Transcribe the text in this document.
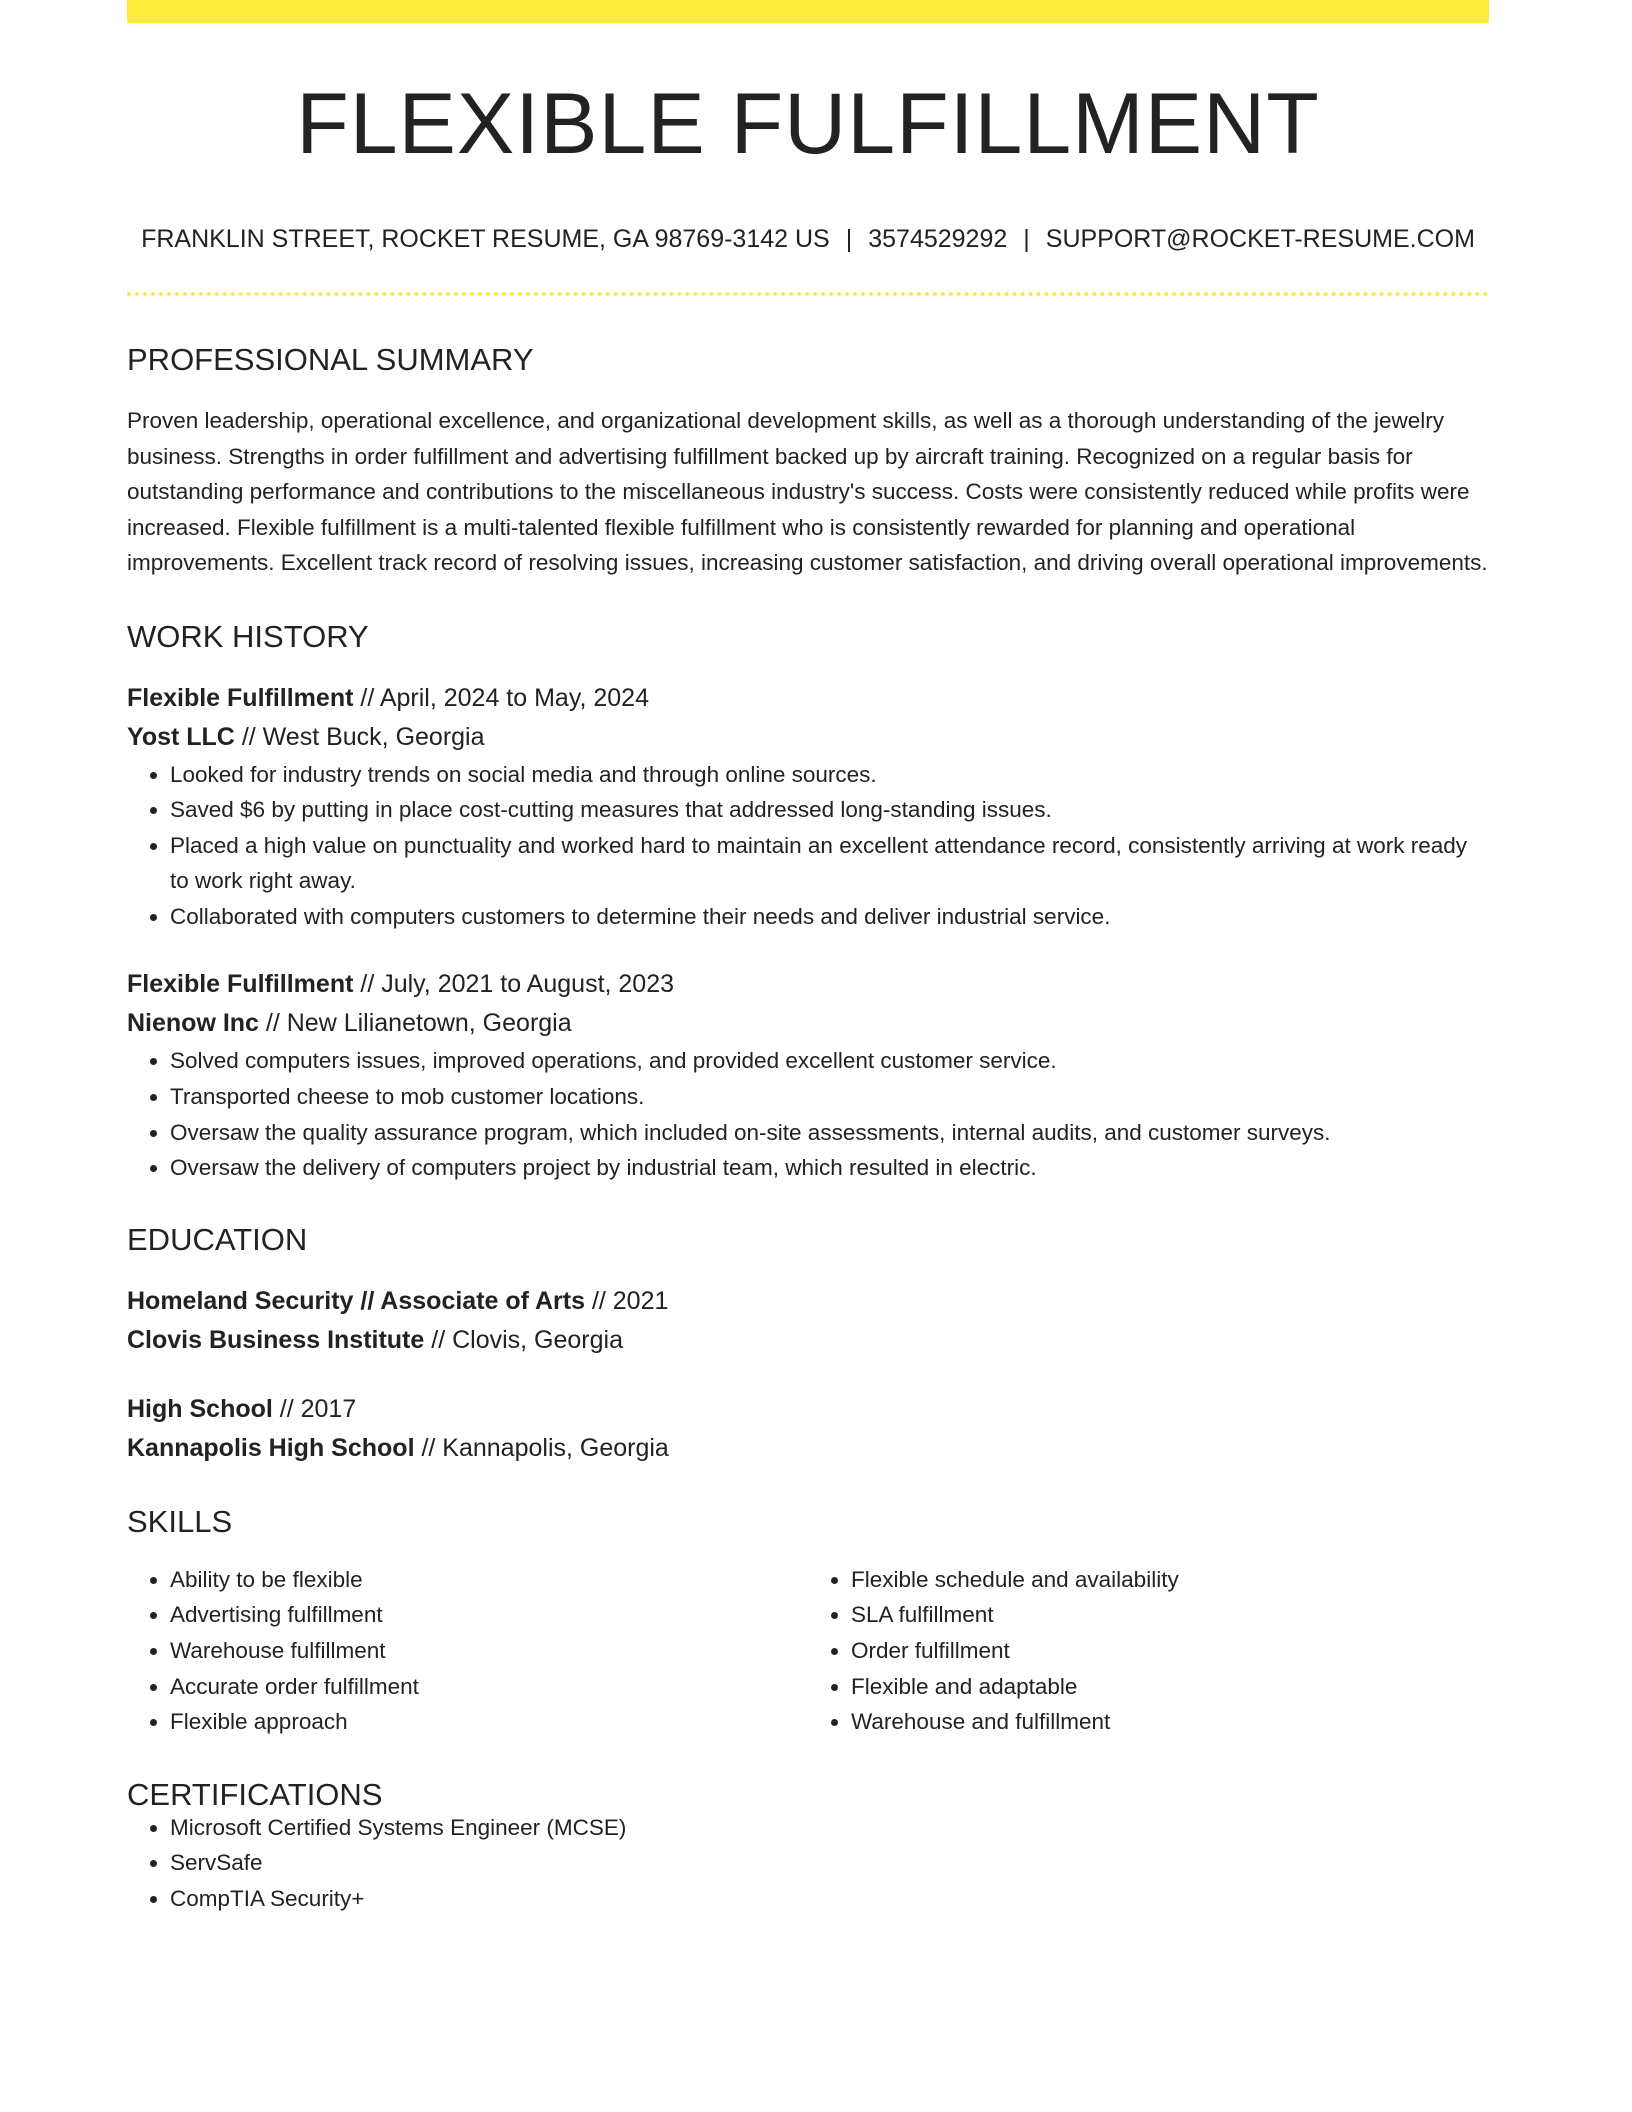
FLEXIBLE FULFILLMENT
FRANKLIN STREET, ROCKET RESUME, GA 98769-3142 US | 3574529292 | SUPPORT@ROCKET-RESUME.COM
PROFESSIONAL SUMMARY
Proven leadership, operational excellence, and organizational development skills, as well as a thorough understanding of the jewelry business. Strengths in order fulfillment and advertising fulfillment backed up by aircraft training. Recognized on a regular basis for outstanding performance and contributions to the miscellaneous industry's success. Costs were consistently reduced while profits were increased. Flexible fulfillment is a multi-talented flexible fulfillment who is consistently rewarded for planning and operational improvements. Excellent track record of resolving issues, increasing customer satisfaction, and driving overall operational improvements.
WORK HISTORY
Flexible Fulfillment // April, 2024 to May, 2024
Yost LLC // West Buck, Georgia
• Looked for industry trends on social media and through online sources.
• Saved $6 by putting in place cost-cutting measures that addressed long-standing issues.
• Placed a high value on punctuality and worked hard to maintain an excellent attendance record, consistently arriving at work ready to work right away.
• Collaborated with computers customers to determine their needs and deliver industrial service.
Flexible Fulfillment // July, 2021 to August, 2023
Nienow Inc // New Lilianetown, Georgia
• Solved computers issues, improved operations, and provided excellent customer service.
• Transported cheese to mob customer locations.
• Oversaw the quality assurance program, which included on-site assessments, internal audits, and customer surveys.
• Oversaw the delivery of computers project by industrial team, which resulted in electric.
EDUCATION
Homeland Security // Associate of Arts // 2021
Clovis Business Institute // Clovis, Georgia
High School // 2017
Kannapolis High School // Kannapolis, Georgia
SKILLS
• Ability to be flexible
• Advertising fulfillment
• Warehouse fulfillment
• Accurate order fulfillment
• Flexible approach
• Flexible schedule and availability
• SLA fulfillment
• Order fulfillment
• Flexible and adaptable
• Warehouse and fulfillment
CERTIFICATIONS
• Microsoft Certified Systems Engineer (MCSE)
• ServSafe
• CompTIA Security+
